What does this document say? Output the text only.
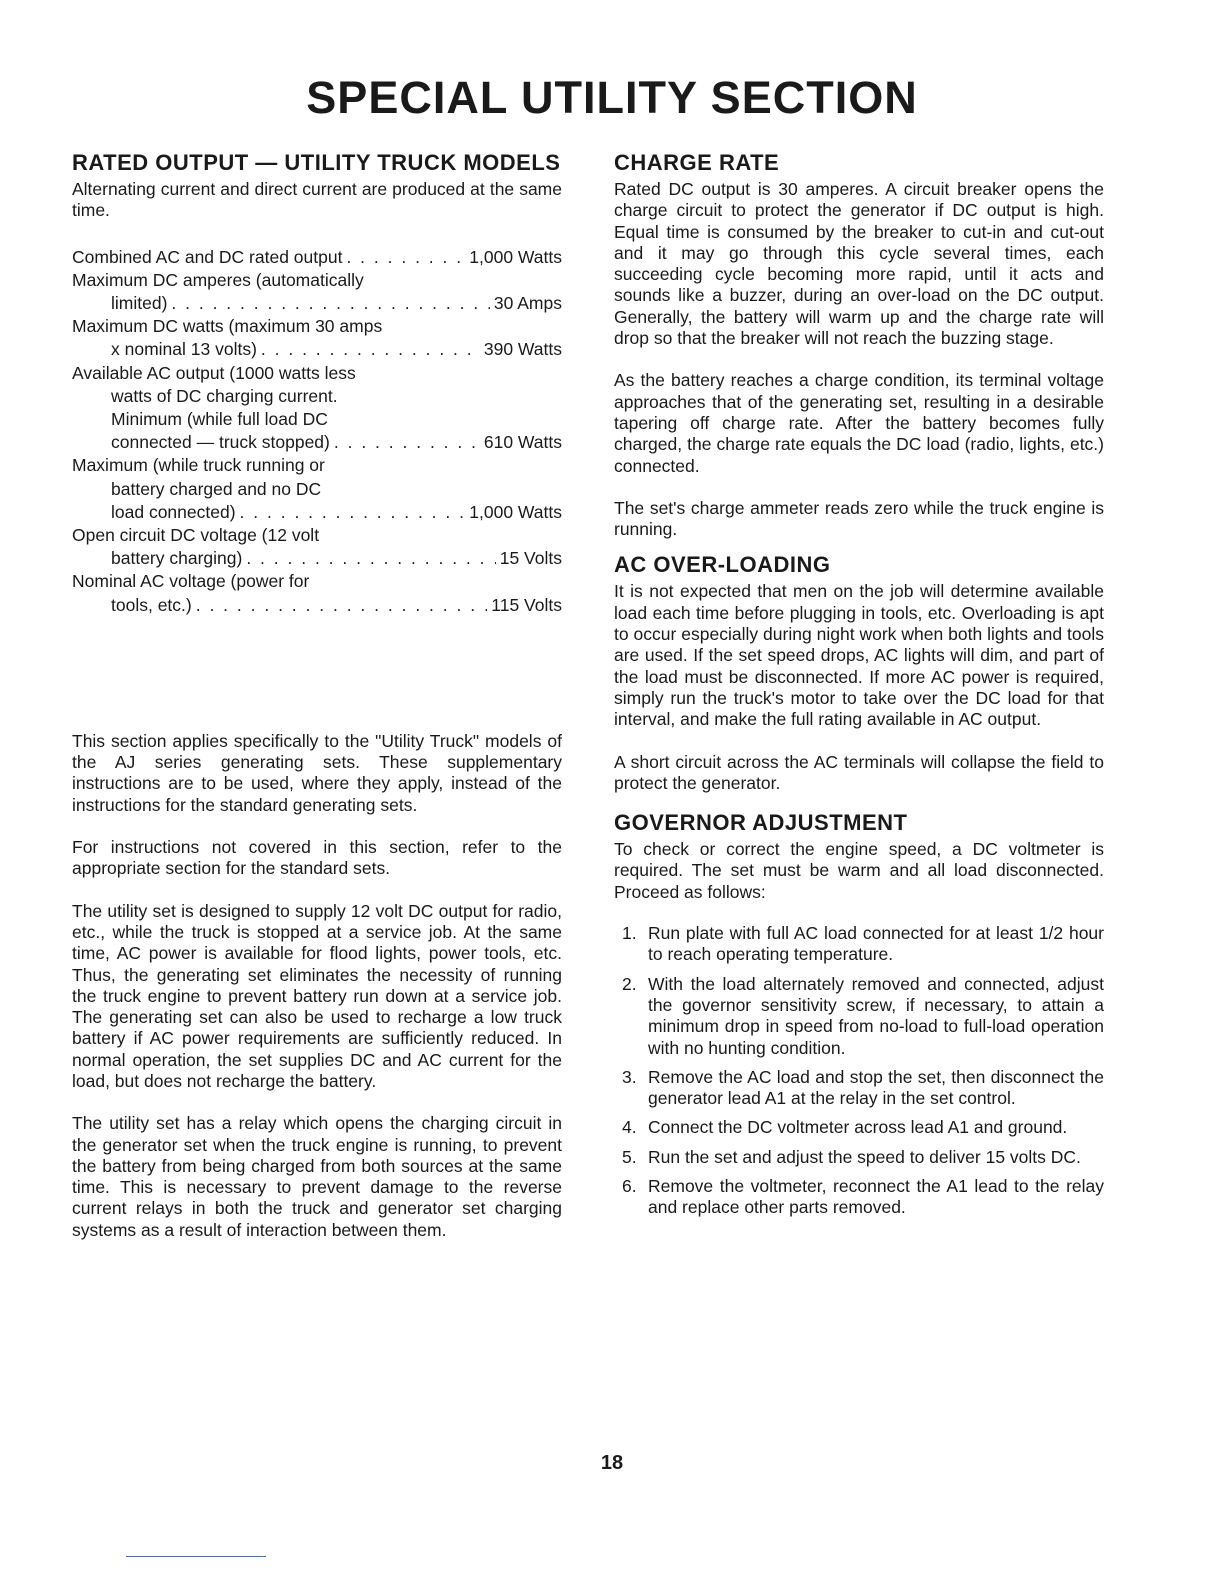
SPECIAL UTILITY SECTION
RATED OUTPUT — UTILITY TRUCK MODELS

Alternating current and direct current are produced at the same time.

Combined AC and DC rated output . . .	1,000 Watts
Maximum DC amperes (automatically
limited) . . .	30 Amps
Maximum DC watts (maximum 30 amps
x nominal 13 volts) . . .	390 Watts
Available AC output (1000 watts less
watts of DC charging current.
Minimum (while full load DC
connected — truck stopped) . . .	610 Watts
Maximum (while truck running or
battery charged and no DC
load connected) . . .	1,000 Watts
Open circuit DC voltage (12 volt
battery charging) . . .	15 Volts
Nominal AC voltage (power for
tools, etc.) . . .	115 Volts

This section applies specifically to the "Utility Truck" models of the AJ series generating sets. These supplementary instructions are to be used, where they apply, instead of the instructions for the standard generating sets.

For instructions not covered in this section, refer to the appropriate section for the standard sets.

The utility set is designed to supply 12 volt DC output for radio, etc., while the truck is stopped at a service job. At the same time, AC power is available for flood lights, power tools, etc. Thus, the generating set eliminates the necessity of running the truck engine to prevent battery run down at a service job. The generating set can also be used to recharge a low truck battery if AC power requirements are sufficiently reduced. In normal operation, the set supplies DC and AC current for the load, but does not recharge the battery.

The utility set has a relay which opens the charging circuit in the generator set when the truck engine is running, to prevent the battery from being charged from both sources at the same time. This is necessary to prevent damage to the reverse current relays in both the truck and generator set charging systems as a result of interaction between them.

CHARGE RATE

Rated DC output is 30 amperes. A circuit breaker opens the charge circuit to protect the generator if DC output is high. Equal time is consumed by the breaker to cut-in and cut-out and it may go through this cycle several times, each succeeding cycle becoming more rapid, until it acts and sounds like a buzzer, during an over-load on the DC output. Generally, the battery will warm up and the charge rate will drop so that the breaker will not reach the buzzing stage.

As the battery reaches a charge condition, its terminal voltage approaches that of the generating set, resulting in a desirable tapering off charge rate. After the battery becomes fully charged, the charge rate equals the DC load (radio, lights, etc.) connected.

The set's charge ammeter reads zero while the truck engine is running.

AC OVER-LOADING

It is not expected that men on the job will determine available load each time before plugging in tools, etc. Overloading is apt to occur especially during night work when both lights and tools are used. If the set speed drops, AC lights will dim, and part of the load must be disconnected. If more AC power is required, simply run the truck's motor to take over the DC load for that interval, and make the full rating available in AC output.

A short circuit across the AC terminals will collapse the field to protect the generator.

GOVERNOR ADJUSTMENT

To check or correct the engine speed, a DC voltmeter is required. The set must be warm and all load disconnected. Proceed as follows:

1. Run plate with full AC load connected for at least 1/2 hour to reach operating temperature.
2. With the load alternately removed and connected, adjust the governor sensitivity screw, if necessary, to attain a minimum drop in speed from no-load to full-load operation with no hunting condition.
3. Remove the AC load and stop the set, then disconnect the generator lead A1 at the relay in the set control.
4. Connect the DC voltmeter across lead A1 and ground.
5. Run the set and adjust the speed to deliver 15 volts DC.
6. Remove the voltmeter, reconnect the A1 lead to the relay and replace other parts removed.
18
